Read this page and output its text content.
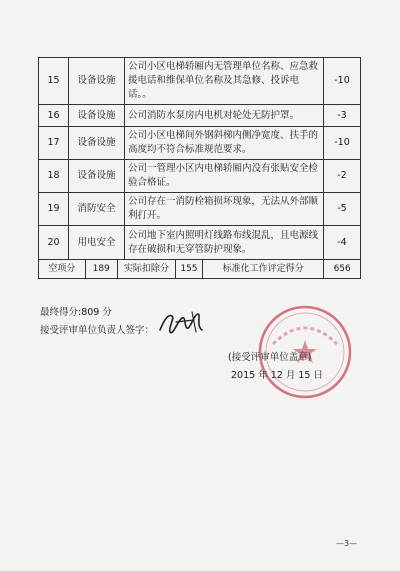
15	设备设施	公司小区电梯轿厢内无管理单位名称、应急救援电话和维保单位名称及其急修、投诉电话。。	-10
16	设备设施	公司消防水泵房内电机对轮处无防护罩。	-3
17	设备设施	公司小区电梯间外钢斜梯内侧净宽度、扶手的高度均不符合标准规范要求。	-10
18	设备设施	公司一管理小区内电梯轿厢内没有张贴安全检验合格证。	-2
19	消防安全	公司存在一消防栓箱损坏现象，无法从外部顺利打开。	-5
20	用电安全	公司地下室内照明灯线路布线混乱，且电源线存在破损和无穿管防护现象。	-4

空项分	189	实际扣除分	155	标准化工作评定得分	656
最终得分:809 分
接受评审单位负责人签字：
(接受评审单位盖章)
2015 年 12 月 15 日
—3—
